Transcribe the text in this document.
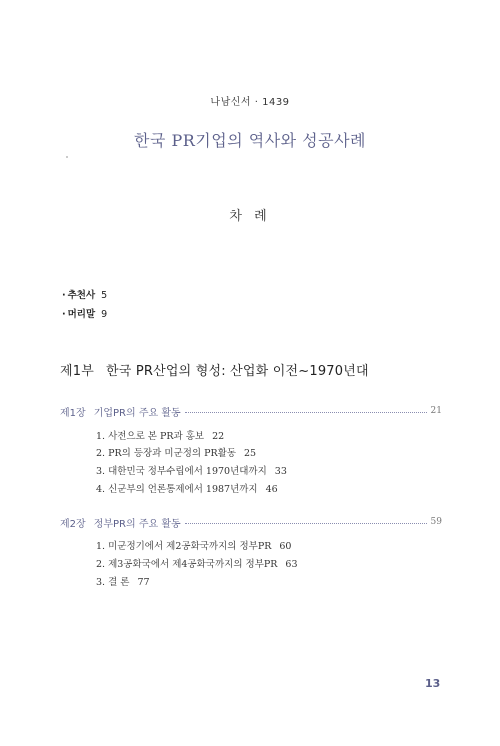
나남신서 · 1439
한국 PR기업의 역사와 성공사례
차 례
· 추천사 5
· 머리말 9
제1부 한국 PR산업의 형성: 산업화 이전~1970년대
제1장 기업PR의 주요 활동	21
1. 사전으로 본 PR과 홍보 22
2. PR의 등장과 미군정의 PR활동 25
3. 대한민국 정부수립에서 1970년대까지 33
4. 신군부의 언론통제에서 1987년까지 46
제2장 정부PR의 주요 활동	59
1. 미군정기에서 제2공화국까지의 정부PR 60
2. 제3공화국에서 제4공화국까지의 정부PR 63
3. 결 론 77
13
